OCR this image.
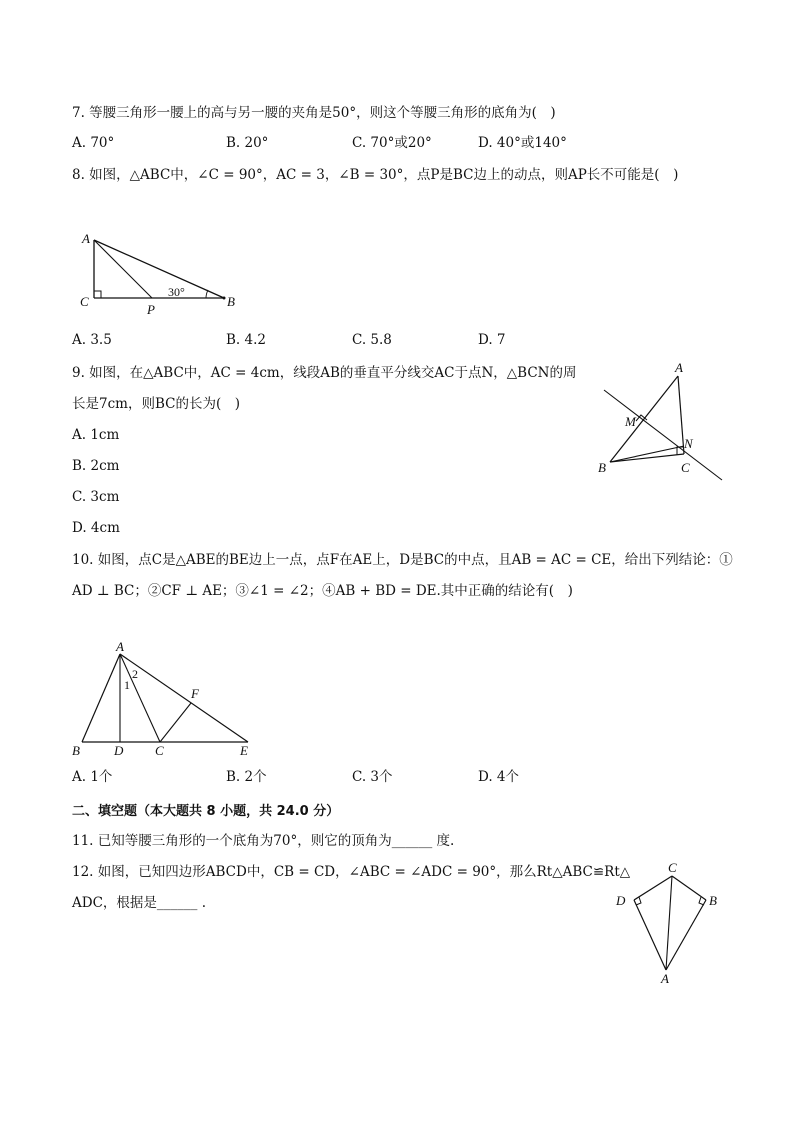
7. 等腰三角形一腰上的高与另一腰的夹角是50°，则这个等腰三角形的底角为(　)
A. 70°	B. 20°	C. 70°或20°	D. 40°或140°
8. 如图，△ABC中，∠C = 90°，AC = 3，∠B = 30°，点P是BC边上的动点，则AP长不可能是(　)
A
C	B
P
30°
A. 3.5	B. 4.2	C. 5.8	D. 7
9. 如图，在△ABC中，AC = 4cm，线段AB的垂直平分线交AC于点N，△BCN的周
长是7cm，则BC的长为(　)
A. 1cm
B. 2cm
C. 3cm
D. 4cm
A
M
N
B	C
10. 如图，点C是△ABE的BE边上一点，点F在AE上，D是BC的中点，且AB = AC = CE，给出下列结论：①
AD ⊥ BC；②CF ⊥ AE；③∠1 = ∠2；④AB + BD = DE.其中正确的结论有(　)
A
2
1
F
B	D C	E
A. 1个	B. 2个	C. 3个	D. 4个
二、填空题（本大题共 8 小题，共 24.0 分）
11. 已知等腰三角形的一个底角为70°，则它的顶角为______ 度.
12. 如图，已知四边形ABCD中，CB = CD，∠ABC = ∠ADC = 90°，那么Rt△ABC≌Rt△
ADC，根据是______ .
C
D	B
A
